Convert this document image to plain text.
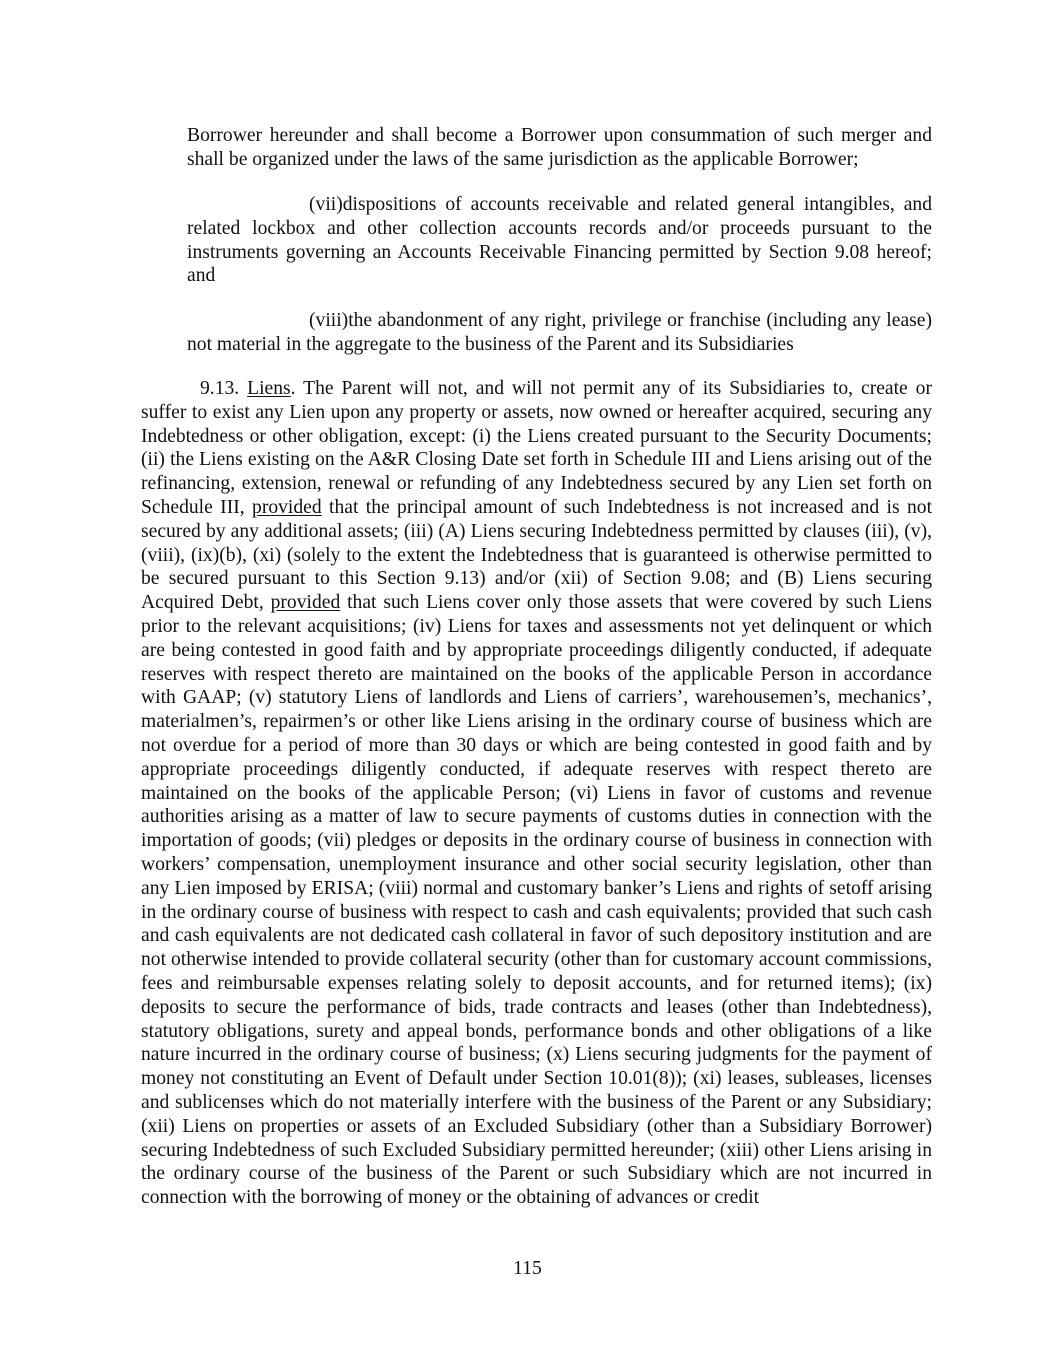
Borrower hereunder and shall become a Borrower upon consummation of such merger and shall be organized under the laws of the same jurisdiction as the applicable Borrower;

(vii)dispositions of accounts receivable and related general intangibles, and related lockbox and other collection accounts records and/or proceeds pursuant to the instruments governing an Accounts Receivable Financing permitted by Section 9.08 hereof; and

(viii)the abandonment of any right, privilege or franchise (including any lease) not material in the aggregate to the business of the Parent and its Subsidiaries

9.13. Liens. The Parent will not, and will not permit any of its Subsidiaries to, create or suffer to exist any Lien upon any property or assets, now owned or hereafter acquired, securing any Indebtedness or other obligation, except: (i) the Liens created pursuant to the Security Documents; (ii) the Liens existing on the A&R Closing Date set forth in Schedule III and Liens arising out of the refinancing, extension, renewal or refunding of any Indebtedness secured by any Lien set forth on Schedule III, provided that the principal amount of such Indebtedness is not increased and is not secured by any additional assets; (iii) (A) Liens securing Indebtedness permitted by clauses (iii), (v), (viii), (ix)(b), (xi) (solely to the extent the Indebtedness that is guaranteed is otherwise permitted to be secured pursuant to this Section 9.13) and/or (xii) of Section 9.08; and (B) Liens securing Acquired Debt, provided that such Liens cover only those assets that were covered by such Liens prior to the relevant acquisitions; (iv) Liens for taxes and assessments not yet delinquent or which are being contested in good faith and by appropriate proceedings diligently conducted, if adequate reserves with respect thereto are maintained on the books of the applicable Person in accordance with GAAP; (v) statutory Liens of landlords and Liens of carriers’, warehousemen’s, mechanics’, materialmen’s, repairmen’s or other like Liens arising in the ordinary course of business which are not overdue for a period of more than 30 days or which are being contested in good faith and by appropriate proceedings diligently conducted, if adequate reserves with respect thereto are maintained on the books of the applicable Person; (vi) Liens in favor of customs and revenue authorities arising as a matter of law to secure payments of customs duties in connection with the importation of goods; (vii) pledges or deposits in the ordinary course of business in connection with workers’ compensation, unemployment insurance and other social security legislation, other than any Lien imposed by ERISA; (viii) normal and customary banker’s Liens and rights of setoff arising in the ordinary course of business with respect to cash and cash equivalents; provided that such cash and cash equivalents are not dedicated cash collateral in favor of such depository institution and are not otherwise intended to provide collateral security (other than for customary account commissions, fees and reimbursable expenses relating solely to deposit accounts, and for returned items); (ix) deposits to secure the performance of bids, trade contracts and leases (other than Indebtedness), statutory obligations, surety and appeal bonds, performance bonds and other obligations of a like nature incurred in the ordinary course of business; (x) Liens securing judgments for the payment of money not constituting an Event of Default under Section 10.01(8)); (xi) leases, subleases, licenses and sublicenses which do not materially interfere with the business of the Parent or any Subsidiary; (xii) Liens on properties or assets of an Excluded Subsidiary (other than a Subsidiary Borrower) securing Indebtedness of such Excluded Subsidiary permitted hereunder; (xiii) other Liens arising in the ordinary course of the business of the Parent or such Subsidiary which are not incurred in connection with the borrowing of money or the obtaining of advances or credit

115
